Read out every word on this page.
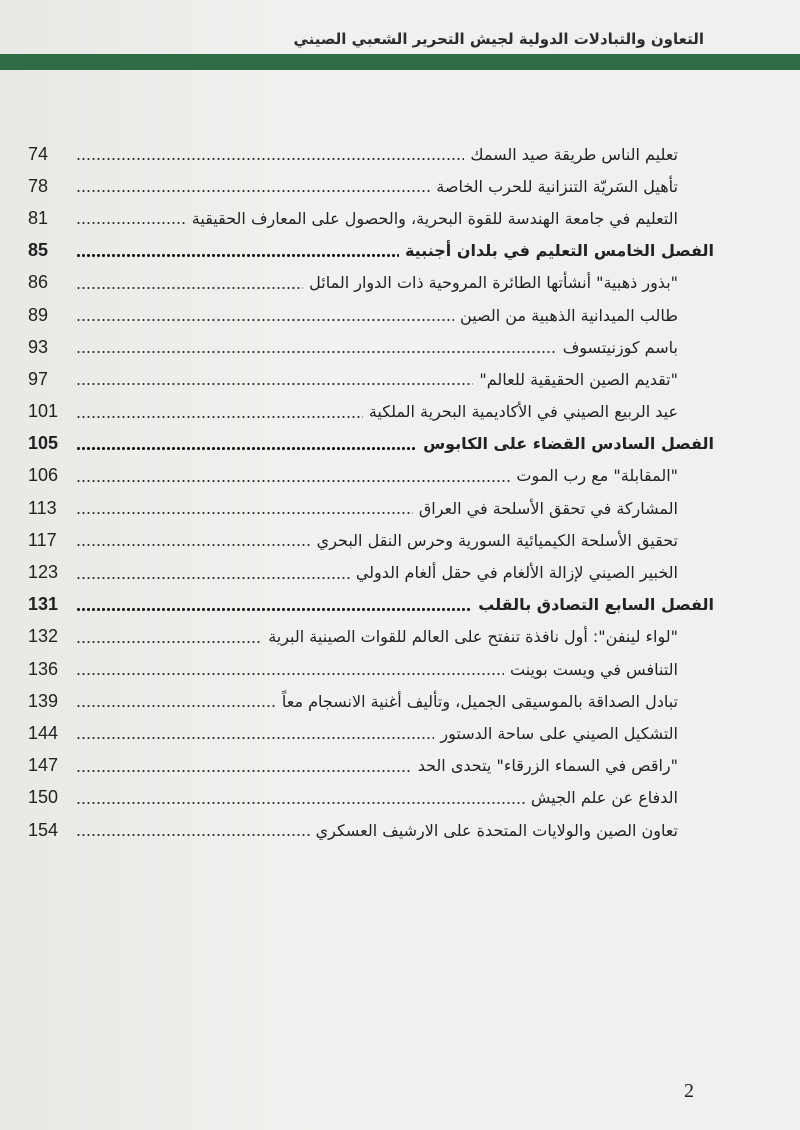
التعاون والتبادلات الدولية لجيش التحرير الشعبي الصيني
74	تعليم الناس طريقة صيد السمك
78	تأهيل السَريّة التنزانية للحرب الخاصة
81	التعليم في جامعة الهندسة للقوة البحرية، والحصول على المعارف الحقيقية
85	الفصل الخامس التعليم في بلدان أجنبية
86	"بذور ذهبية" أنشأتها الطائرة المروحية ذات الدوار المائل
89	طالب الميدانية الذهبية من الصين
93	باسم كوزنيتسوف
97	"تقديم الصين الحقيقية للعالم"
101	عيد الربيع الصيني في الأكاديمية البحرية الملكية
105	الفصل السادس القضاء على الكابوس
106	"المقابلة" مع رب الموت
113	المشاركة في تحقق الأسلحة في العراق
117	تحقيق الأسلحة الكيميائية السورية وحرس النقل البحري
123	الخبير الصيني لإزالة الألغام في حقل ألغام الدولي
131	الفصل السابع التصادق بالقلب
132	"لواء لينفن": أول نافذة تنفتح على العالم للقوات الصينية البرية
136	التنافس في ويست بوينت
139	تبادل الصداقة بالموسيقى الجميل، وتأليف أغنية الانسجام معاً
144	التشكيل الصيني على ساحة الدستور
147	"راقص في السماء الزرقاء" يتحدى الحد
150	الدفاع عن علم الجيش
154	تعاون الصين والولايات المتحدة على الارشيف العسكري
2
